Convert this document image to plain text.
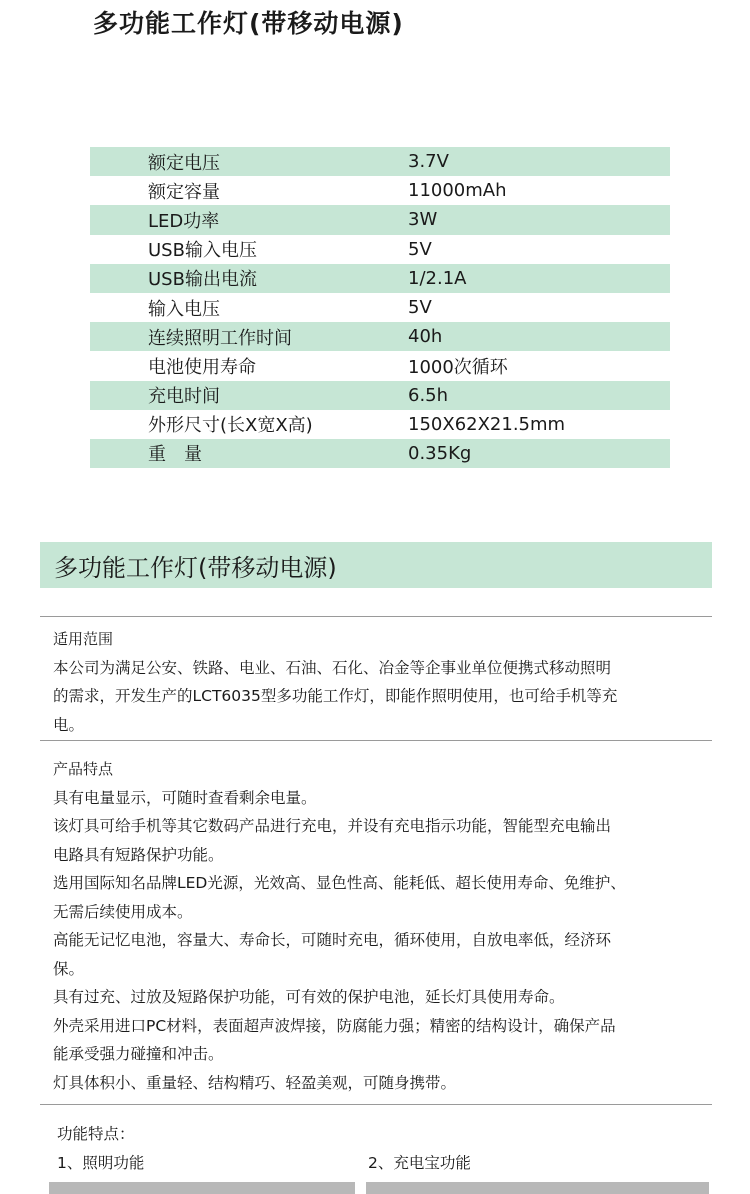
多功能工作灯(带移动电源)
额定电压	3.7V
额定容量	11000mAh
LED功率	3W
USB输入电压	5V
USB输出电流	1/2.1A
输入电压	5V
连续照明工作时间	40h
电池使用寿命	1000次循环
充电时间	6.5h
外形尺寸(长X宽X高)	150X62X21.5mm
重　量	0.35Kg
多功能工作灯(带移动电源)

适用范围

本公司为满足公安、铁路、电业、石油、石化、冶金等企事业单位便携式移动照明

的需求，开发生产的LCT6035型多功能工作灯，即能作照明使用，也可给手机等充

电。

产品特点

具有电量显示，可随时查看剩余电量。

该灯具可给手机等其它数码产品进行充电，并设有充电指示功能，智能型充电输出

电路具有短路保护功能。

选用国际知名品牌LED光源，光效高、显色性高、能耗低、超长使用寿命、免维护、

无需后续使用成本。

高能无记忆电池，容量大、寿命长，可随时充电，循环使用，自放电率低，经济环

保。

具有过充、过放及短路保护功能，可有效的保护电池，延长灯具使用寿命。

外壳采用进口PC材料，表面超声波焊接，防腐能力强；精密的结构设计，确保产品

能承受强力碰撞和冲击。

灯具体积小、重量轻、结构精巧、轻盈美观，可随身携带。

功能特点：
1、照明功能	2、充电宝功能
